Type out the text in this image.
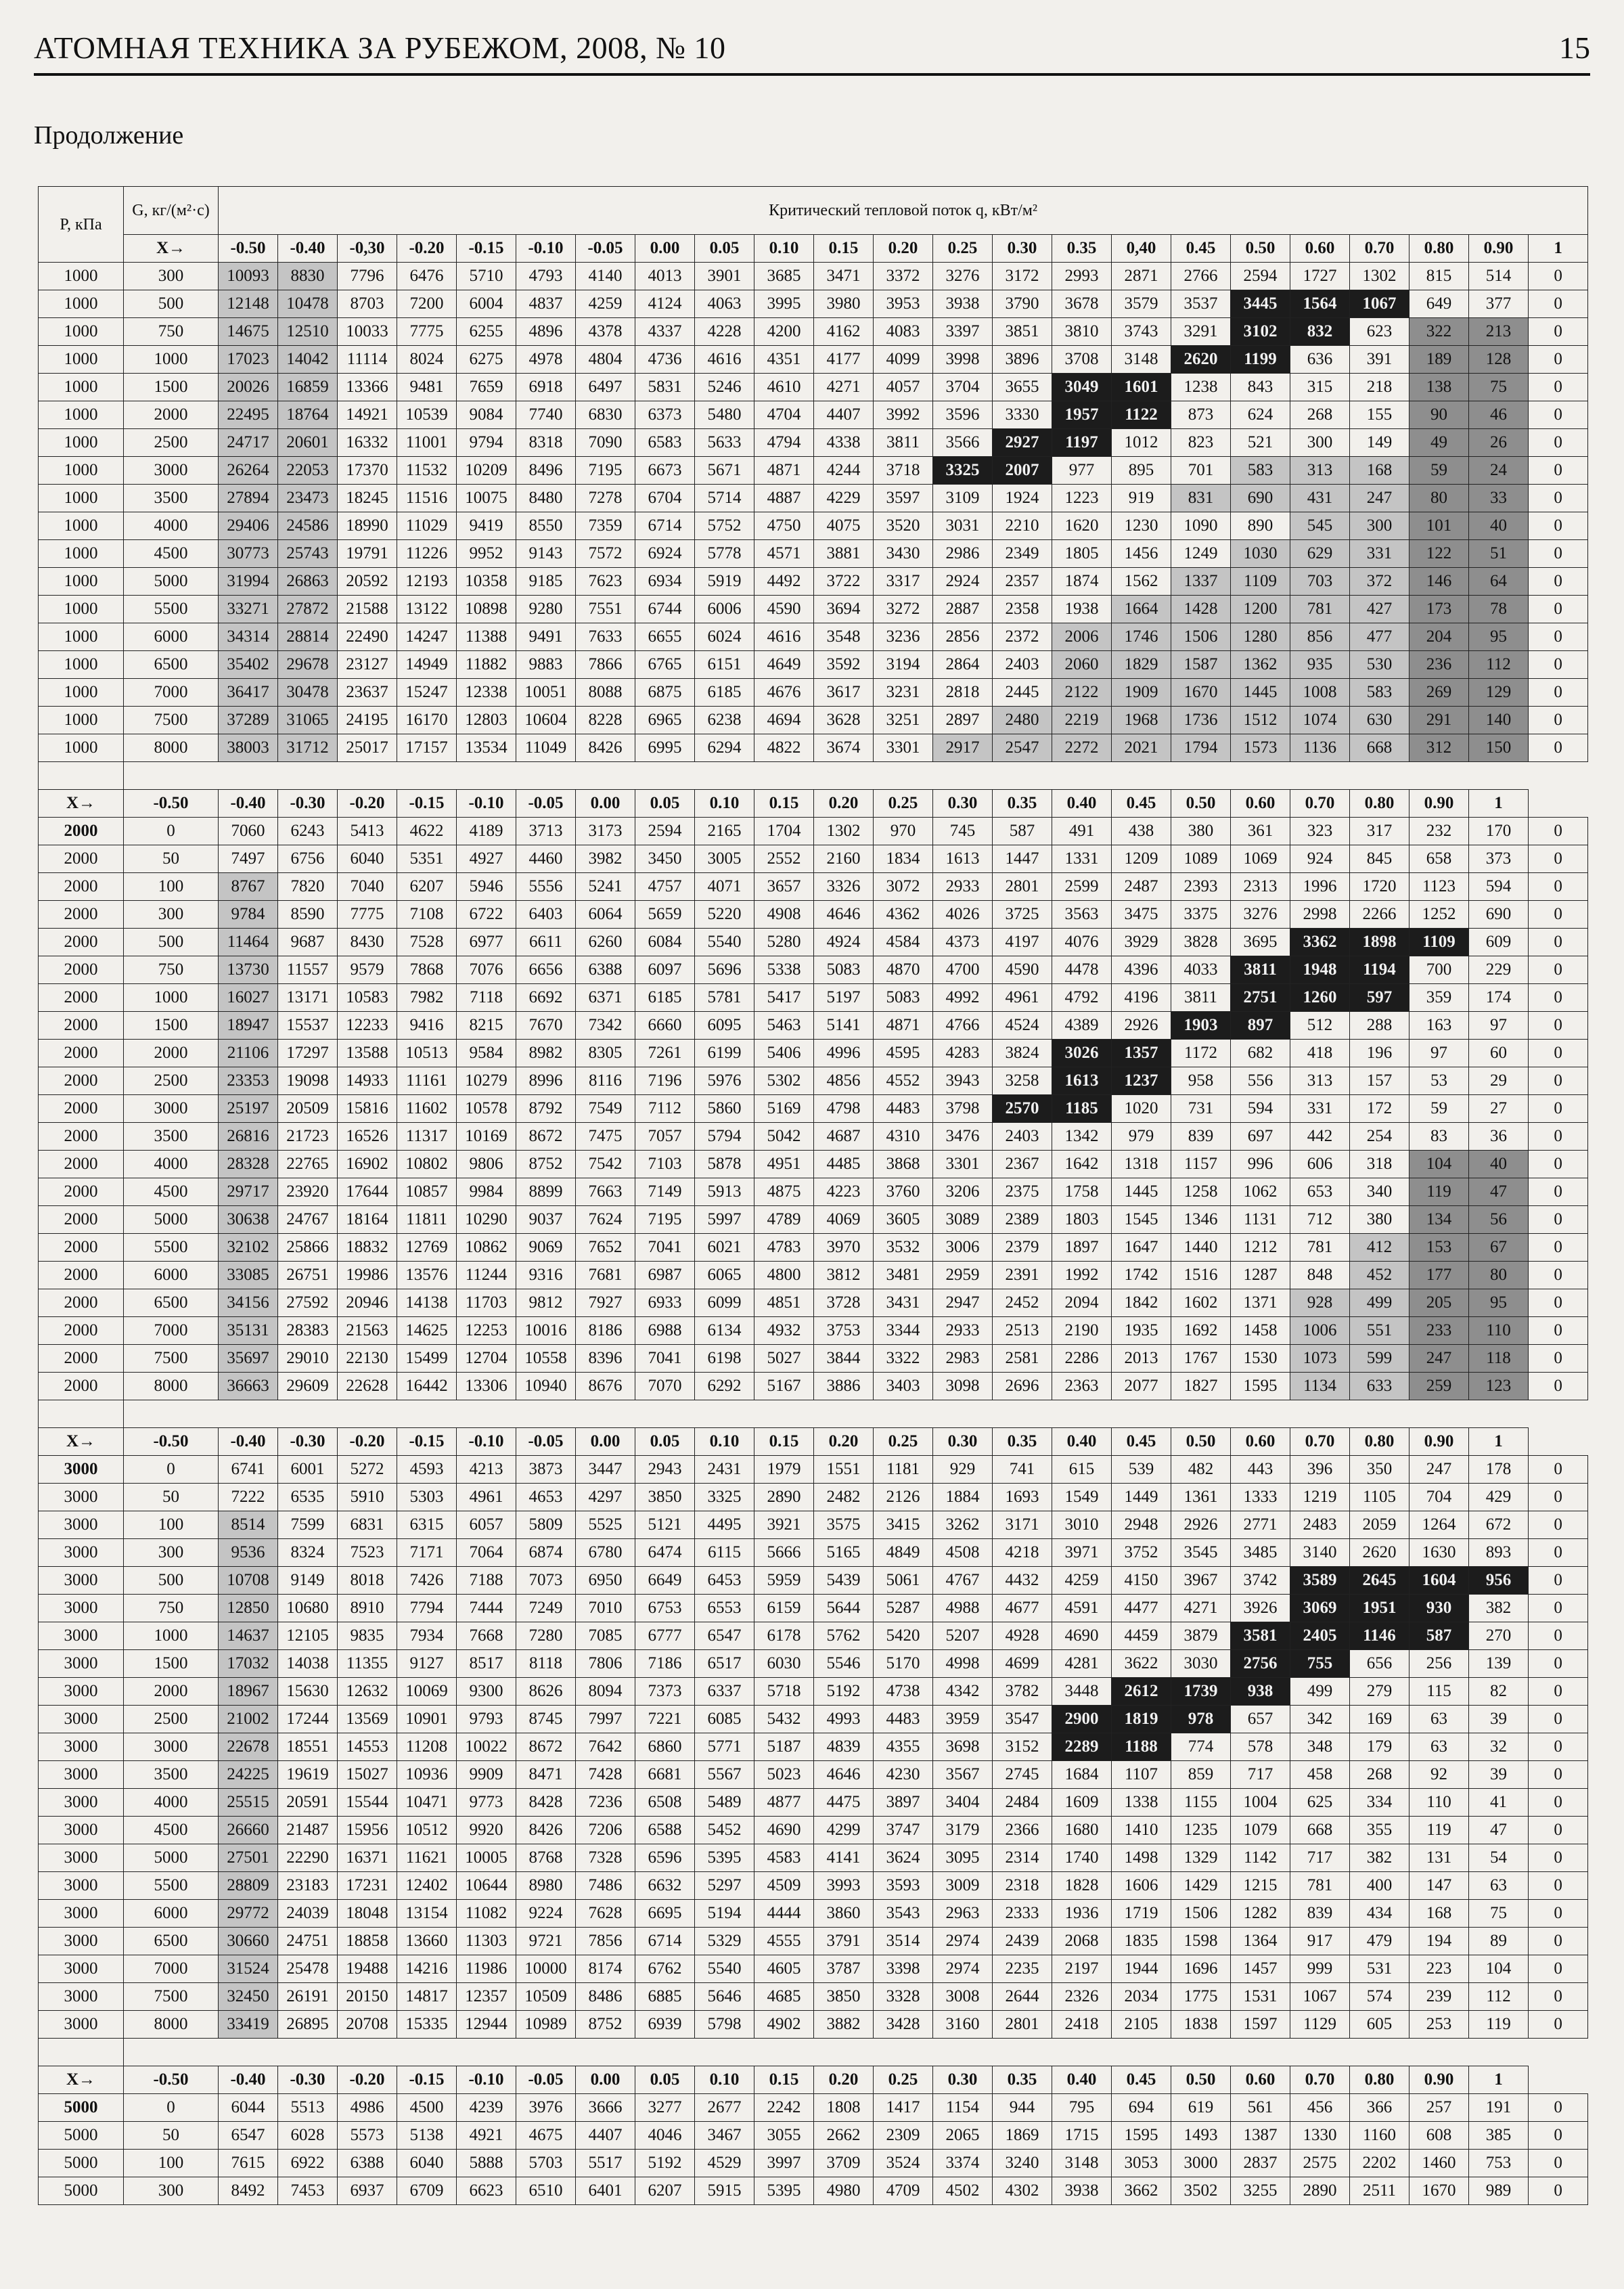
АТОМНАЯ ТЕХНИКА ЗА РУБЕЖОМ, 2008, № 10	15
Продолжение
P, кПа	G, кг/(м²·с)	Критический тепловой поток q, кВт/м²																						
	X→	-0.50	-0.40	-0,30	-0.20	-0.15	-0.10	-0.05	0.00	0.05	0.10	0.15	0.20	0.25	0.30	0.35	0,40	0.45	0.50	0.60	0.70	0.80	0.90	1
1000	300	10093	8830	7796	6476	5710	4793	4140	4013	3901	3685	3471	3372	3276	3172	2993	2871	2766	2594	1727	1302	815	514	0
1000	500	12148	10478	8703	7200	6004	4837	4259	4124	4063	3995	3980	3953	3938	3790	3678	3579	3537	3445	1564	1067	649	377	0
1000	750	14675	12510	10033	7775	6255	4896	4378	4337	4228	4200	4162	4083	3397	3851	3810	3743	3291	3102	832	623	322	213	0
1000	1000	17023	14042	11114	8024	6275	4978	4804	4736	4616	4351	4177	4099	3998	3896	3708	3148	2620	1199	636	391	189	128	0
1000	1500	20026	16859	13366	9481	7659	6918	6497	5831	5246	4610	4271	4057	3704	3655	3049	1601	1238	843	315	218	138	75	0
1000	2000	22495	18764	14921	10539	9084	7740	6830	6373	5480	4704	4407	3992	3596	3330	1957	1122	873	624	268	155	90	46	0
1000	2500	24717	20601	16332	11001	9794	8318	7090	6583	5633	4794	4338	3811	3566	2927	1197	1012	823	521	300	149	49	26	0
1000	3000	26264	22053	17370	11532	10209	8496	7195	6673	5671	4871	4244	3718	3325	2007	977	895	701	583	313	168	59	24	0
1000	3500	27894	23473	18245	11516	10075	8480	7278	6704	5714	4887	4229	3597	3109	1924	1223	919	831	690	431	247	80	33	0
1000	4000	29406	24586	18990	11029	9419	8550	7359	6714	5752	4750	4075	3520	3031	2210	1620	1230	1090	890	545	300	101	40	0
1000	4500	30773	25743	19791	11226	9952	9143	7572	6924	5778	4571	3881	3430	2986	2349	1805	1456	1249	1030	629	331	122	51	0
1000	5000	31994	26863	20592	12193	10358	9185	7623	6934	5919	4492	3722	3317	2924	2357	1874	1562	1337	1109	703	372	146	64	0
1000	5500	33271	27872	21588	13122	10898	9280	7551	6744	6006	4590	3694	3272	2887	2358	1938	1664	1428	1200	781	427	173	78	0
1000	6000	34314	28814	22490	14247	11388	9491	7633	6655	6024	4616	3548	3236	2856	2372	2006	1746	1506	1280	856	477	204	95	0
1000	6500	35402	29678	23127	14949	11882	9883	7866	6765	6151	4649	3592	3194	2864	2403	2060	1829	1587	1362	935	530	236	112	0
1000	7000	36417	30478	23637	15247	12338	10051	8088	6875	6185	4676	3617	3231	2818	2445	2122	1909	1670	1445	1008	583	269	129	0
1000	7500	37289	31065	24195	16170	12803	10604	8228	6965	6238	4694	3628	3251	2897	2480	2219	1968	1736	1512	1074	630	291	140	0
1000	8000	38003	31712	25017	17157	13534	11049	8426	6995	6294	4822	3674	3301	2917	2547	2272	2021	1794	1573	1136	668	312	150	0

X→	-0.50	-0.40	-0.30	-0.20	-0.15	-0.10	-0.05	0.00	0.05	0.10	0.15	0.20	0.25	0.30	0.35	0.40	0.45	0.50	0.60	0.70	0.80	0.90	1	
2000	0	7060	6243	5413	4622	4189	3713	3173	2594	2165	1704	1302	970	745	587	491	438	380	361	323	317	232	170	0
2000	50	7497	6756	6040	5351	4927	4460	3982	3450	3005	2552	2160	1834	1613	1447	1331	1209	1089	1069	924	845	658	373	0
2000	100	8767	7820	7040	6207	5946	5556	5241	4757	4071	3657	3326	3072	2933	2801	2599	2487	2393	2313	1996	1720	1123	594	0
2000	300	9784	8590	7775	7108	6722	6403	6064	5659	5220	4908	4646	4362	4026	3725	3563	3475	3375	3276	2998	2266	1252	690	0
2000	500	11464	9687	8430	7528	6977	6611	6260	6084	5540	5280	4924	4584	4373	4197	4076	3929	3828	3695	3362	1898	1109	609	0
2000	750	13730	11557	9579	7868	7076	6656	6388	6097	5696	5338	5083	4870	4700	4590	4478	4396	4033	3811	1948	1194	700	229	0
2000	1000	16027	13171	10583	7982	7118	6692	6371	6185	5781	5417	5197	5083	4992	4961	4792	4196	3811	2751	1260	597	359	174	0
2000	1500	18947	15537	12233	9416	8215	7670	7342	6660	6095	5463	5141	4871	4766	4524	4389	2926	1903	897	512	288	163	97	0
2000	2000	21106	17297	13588	10513	9584	8982	8305	7261	6199	5406	4996	4595	4283	3824	3026	1357	1172	682	418	196	97	60	0
2000	2500	23353	19098	14933	11161	10279	8996	8116	7196	5976	5302	4856	4552	3943	3258	1613	1237	958	556	313	157	53	29	0
2000	3000	25197	20509	15816	11602	10578	8792	7549	7112	5860	5169	4798	4483	3798	2570	1185	1020	731	594	331	172	59	27	0
2000	3500	26816	21723	16526	11317	10169	8672	7475	7057	5794	5042	4687	4310	3476	2403	1342	979	839	697	442	254	83	36	0
2000	4000	28328	22765	16902	10802	9806	8752	7542	7103	5878	4951	4485	3868	3301	2367	1642	1318	1157	996	606	318	104	40	0
2000	4500	29717	23920	17644	10857	9984	8899	7663	7149	5913	4875	4223	3760	3206	2375	1758	1445	1258	1062	653	340	119	47	0
2000	5000	30638	24767	18164	11811	10290	9037	7624	7195	5997	4789	4069	3605	3089	2389	1803	1545	1346	1131	712	380	134	56	0
2000	5500	32102	25866	18832	12769	10862	9069	7652	7041	6021	4783	3970	3532	3006	2379	1897	1647	1440	1212	781	412	153	67	0
2000	6000	33085	26751	19986	13576	11244	9316	7681	6987	6065	4800	3812	3481	2959	2391	1992	1742	1516	1287	848	452	177	80	0
2000	6500	34156	27592	20946	14138	11703	9812	7927	6933	6099	4851	3728	3431	2947	2452	2094	1842	1602	1371	928	499	205	95	0
2000	7000	35131	28383	21563	14625	12253	10016	8186	6988	6134	4932	3753	3344	2933	2513	2190	1935	1692	1458	1006	551	233	110	0
2000	7500	35697	29010	22130	15499	12704	10558	8396	7041	6198	5027	3844	3322	2983	2581	2286	2013	1767	1530	1073	599	247	118	0
2000	8000	36663	29609	22628	16442	13306	10940	8676	7070	6292	5167	3886	3403	3098	2696	2363	2077	1827	1595	1134	633	259	123	0

X→	-0.50	-0.40	-0.30	-0.20	-0.15	-0.10	-0.05	0.00	0.05	0.10	0.15	0.20	0.25	0.30	0.35	0.40	0.45	0.50	0.60	0.70	0.80	0.90	1	
3000	0	6741	6001	5272	4593	4213	3873	3447	2943	2431	1979	1551	1181	929	741	615	539	482	443	396	350	247	178	0
3000	50	7222	6535	5910	5303	4961	4653	4297	3850	3325	2890	2482	2126	1884	1693	1549	1449	1361	1333	1219	1105	704	429	0
3000	100	8514	7599	6831	6315	6057	5809	5525	5121	4495	3921	3575	3415	3262	3171	3010	2948	2926	2771	2483	2059	1264	672	0
3000	300	9536	8324	7523	7171	7064	6874	6780	6474	6115	5666	5165	4849	4508	4218	3971	3752	3545	3485	3140	2620	1630	893	0
3000	500	10708	9149	8018	7426	7188	7073	6950	6649	6453	5959	5439	5061	4767	4432	4259	4150	3967	3742	3589	2645	1604	956	0
3000	750	12850	10680	8910	7794	7444	7249	7010	6753	6553	6159	5644	5287	4988	4677	4591	4477	4271	3926	3069	1951	930	382	0
3000	1000	14637	12105	9835	7934	7668	7280	7085	6777	6547	6178	5762	5420	5207	4928	4690	4459	3879	3581	2405	1146	587	270	0
3000	1500	17032	14038	11355	9127	8517	8118	7806	7186	6517	6030	5546	5170	4998	4699	4281	3622	3030	2756	755	656	256	139	0
3000	2000	18967	15630	12632	10069	9300	8626	8094	7373	6337	5718	5192	4738	4342	3782	3448	2612	1739	938	499	279	115	82	0
3000	2500	21002	17244	13569	10901	9793	8745	7997	7221	6085	5432	4993	4483	3959	3547	2900	1819	978	657	342	169	63	39	0
3000	3000	22678	18551	14553	11208	10022	8672	7642	6860	5771	5187	4839	4355	3698	3152	2289	1188	774	578	348	179	63	32	0
3000	3500	24225	19619	15027	10936	9909	8471	7428	6681	5567	5023	4646	4230	3567	2745	1684	1107	859	717	458	268	92	39	0
3000	4000	25515	20591	15544	10471	9773	8428	7236	6508	5489	4877	4475	3897	3404	2484	1609	1338	1155	1004	625	334	110	41	0
3000	4500	26660	21487	15956	10512	9920	8426	7206	6588	5452	4690	4299	3747	3179	2366	1680	1410	1235	1079	668	355	119	47	0
3000	5000	27501	22290	16371	11621	10005	8768	7328	6596	5395	4583	4141	3624	3095	2314	1740	1498	1329	1142	717	382	131	54	0
3000	5500	28809	23183	17231	12402	10644	8980	7486	6632	5297	4509	3993	3593	3009	2318	1828	1606	1429	1215	781	400	147	63	0
3000	6000	29772	24039	18048	13154	11082	9224	7628	6695	5194	4444	3860	3543	2963	2333	1936	1719	1506	1282	839	434	168	75	0
3000	6500	30660	24751	18858	13660	11303	9721	7856	6714	5329	4555	3791	3514	2974	2439	2068	1835	1598	1364	917	479	194	89	0
3000	7000	31524	25478	19488	14216	11986	10000	8174	6762	5540	4605	3787	3398	2974	2235	2197	1944	1696	1457	999	531	223	104	0
3000	7500	32450	26191	20150	14817	12357	10509	8486	6885	5646	4685	3850	3328	3008	2644	2326	2034	1775	1531	1067	574	239	112	0
3000	8000	33419	26895	20708	15335	12944	10989	8752	6939	5798	4902	3882	3428	3160	2801	2418	2105	1838	1597	1129	605	253	119	0

X→	-0.50	-0.40	-0.30	-0.20	-0.15	-0.10	-0.05	0.00	0.05	0.10	0.15	0.20	0.25	0.30	0.35	0.40	0.45	0.50	0.60	0.70	0.80	0.90	1	
5000	0	6044	5513	4986	4500	4239	3976	3666	3277	2677	2242	1808	1417	1154	944	795	694	619	561	456	366	257	191	0
5000	50	6547	6028	5573	5138	4921	4675	4407	4046	3467	3055	2662	2309	2065	1869	1715	1595	1493	1387	1330	1160	608	385	0
5000	100	7615	6922	6388	6040	5888	5703	5517	5192	4529	3997	3709	3524	3374	3240	3148	3053	3000	2837	2575	2202	1460	753	0
5000	300	8492	7453	6937	6709	6623	6510	6401	6207	5915	5395	4980	4709	4502	4302	3938	3662	3502	3255	2890	2511	1670	989	0
